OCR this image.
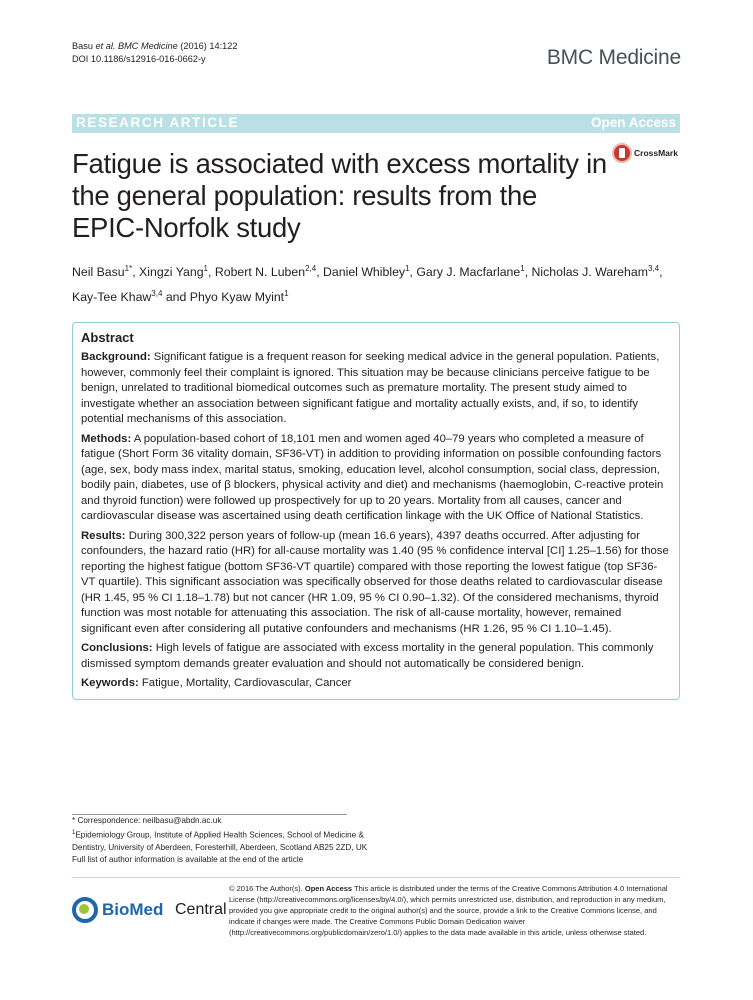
Basu et al. BMC Medicine (2016) 14:122
DOI 10.1186/s12916-016-0662-y	BMC Medicine
RESEARCH ARTICLE	Open Access
Fatigue is associated with excess mortality in the general population: results from the EPIC-Norfolk study
CrossMark
Neil Basu$^{1*}$, Xingzi Yang$^1$, Robert N. Luben$^{2,4}$, Daniel Whibley$^1$, Gary J. Macfarlane$^1$, Nicholas J. Wareham$^{3,4}$, Kay-Tee Khaw$^{3,4}$ and Phyo Kyaw Myint$^1$
Abstract

Background: Significant fatigue is a frequent reason for seeking medical advice in the general population. Patients, however, commonly feel their complaint is ignored. This situation may be because clinicians perceive fatigue to be benign, unrelated to traditional biomedical outcomes such as premature mortality. The present study aimed to investigate whether an association between significant fatigue and mortality actually exists, and, if so, to identify potential mechanisms of this association.

Methods: A population-based cohort of 18,101 men and women aged 40–79 years who completed a measure of fatigue (Short Form 36 vitality domain, SF36-VT) in addition to providing information on possible confounding factors (age, sex, body mass index, marital status, smoking, education level, alcohol consumption, social class, depression, bodily pain, diabetes, use of β blockers, physical activity and diet) and mechanisms (haemoglobin, C-reactive protein and thyroid function) were followed up prospectively for up to 20 years. Mortality from all causes, cancer and cardiovascular disease was ascertained using death certification linkage with the UK Office of National Statistics.

Results: During 300,322 person years of follow-up (mean 16.6 years), 4397 deaths occurred. After adjusting for confounders, the hazard ratio (HR) for all-cause mortality was 1.40 (95 % confidence interval [CI] 1.25–1.56) for those reporting the highest fatigue (bottom SF36-VT quartile) compared with those reporting the lowest fatigue (top SF36-VT quartile). This significant association was specifically observed for those deaths related to cardiovascular disease (HR 1.45, 95 % CI 1.18–1.78) but not cancer (HR 1.09, 95 % CI 0.90–1.32). Of the considered mechanisms, thyroid function was most notable for attenuating this association. The risk of all-cause mortality, however, remained significant even after considering all putative confounders and mechanisms (HR 1.26, 95 % CI 1.10–1.45).

Conclusions: High levels of fatigue are associated with excess mortality in the general population. This commonly dismissed symptom demands greater evaluation and should not automatically be considered benign.

Keywords: Fatigue, Mortality, Cardiovascular, Cancer

* Correspondence: neilbasu@abdn.ac.uk
$^1$Epidemiology Group, Institute of Applied Health Sciences, School of Medicine & Dentistry, University of Aberdeen, Foresterhill, Aberdeen, Scotland AB25 2ZD, UK
Full list of author information is available at the end of the article
BioMed Central
© 2016 The Author(s). Open Access This article is distributed under the terms of the Creative Commons Attribution 4.0 International License (http://creativecommons.org/licenses/by/4.0/), which permits unrestricted use, distribution, and reproduction in any medium, provided you give appropriate credit to the original author(s) and the source, provide a link to the Creative Commons license, and indicate if changes were made. The Creative Commons Public Domain Dedication waiver (http://creativecommons.org/publicdomain/zero/1.0/) applies to the data made available in this article, unless otherwise stated.
